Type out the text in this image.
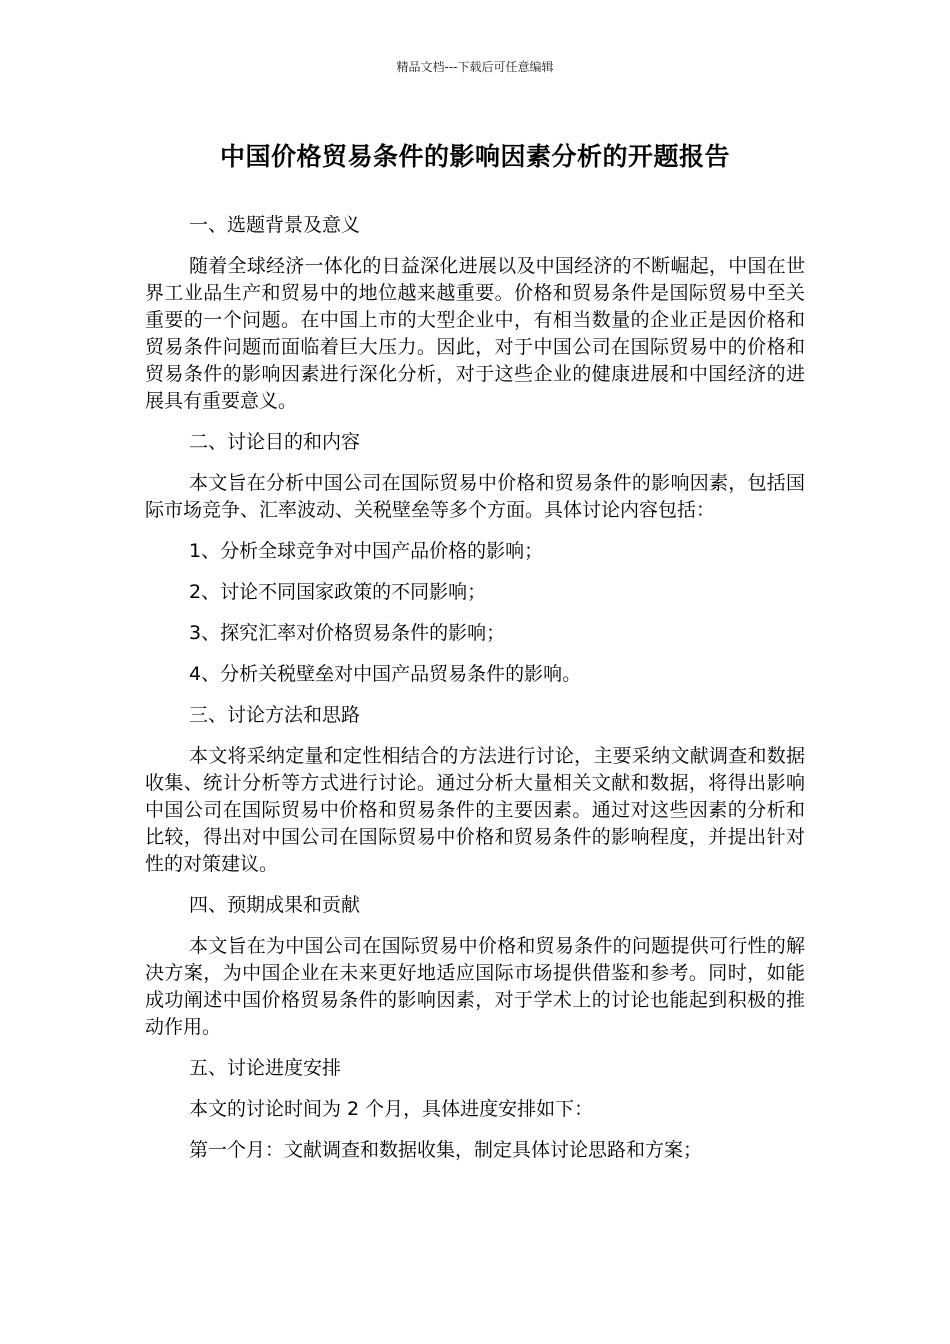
精品文档---下载后可任意编辑
中国价格贸易条件的影响因素分析的开题报告
一、选题背景及意义
随着全球经济一体化的日益深化进展以及中国经济的不断崛起，中国在世界工业品生产和贸易中的地位越来越重要。价格和贸易条件是国际贸易中至关重要的一个问题。在中国上市的大型企业中，有相当数量的企业正是因价格和贸易条件问题而面临着巨大压力。因此，对于中国公司在国际贸易中的价格和贸易条件的影响因素进行深化分析，对于这些企业的健康进展和中国经济的进展具有重要意义。
二、讨论目的和内容
本文旨在分析中国公司在国际贸易中价格和贸易条件的影响因素，包括国际市场竞争、汇率波动、关税壁垒等多个方面。具体讨论内容包括：
1、分析全球竞争对中国产品价格的影响；
2、讨论不同国家政策的不同影响；
3、探究汇率对价格贸易条件的影响；
4、分析关税壁垒对中国产品贸易条件的影响。
三、讨论方法和思路
本文将采纳定量和定性相结合的方法进行讨论，主要采纳文献调查和数据收集、统计分析等方式进行讨论。通过分析大量相关文献和数据，将得出影响中国公司在国际贸易中价格和贸易条件的主要因素。通过对这些因素的分析和比较，得出对中国公司在国际贸易中价格和贸易条件的影响程度，并提出针对性的对策建议。
四、预期成果和贡献
本文旨在为中国公司在国际贸易中价格和贸易条件的问题提供可行性的解决方案，为中国企业在未来更好地适应国际市场提供借鉴和参考。同时，如能成功阐述中国价格贸易条件的影响因素，对于学术上的讨论也能起到积极的推动作用。
五、讨论进度安排
本文的讨论时间为 2 个月，具体进度安排如下：
第一个月：文献调查和数据收集，制定具体讨论思路和方案；
